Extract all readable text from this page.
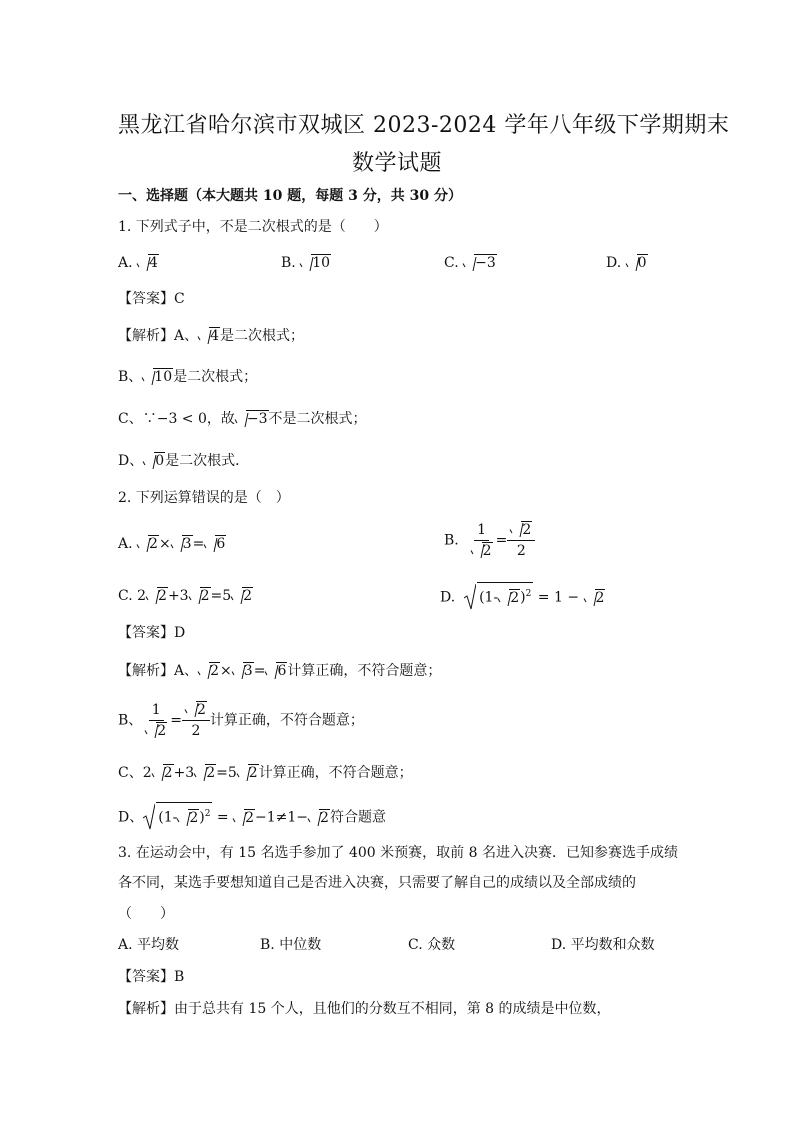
黑龙江省哈尔滨市双城区 2023-2024 学年八年级下学期期末
数学试题
一、选择题（本大题共 10 题，每题 3 分，共 30 分）
1. 下列式子中，不是二次根式的是（　　）
A. 4	B. 10	C. −3	D. 0
【答案】C
【解析】A、 4是二次根式；
B、 10是二次根式；
C、∵−3 < 0，故 −3不是二次根式；
D、 0是二次根式．
2. 下列运算错误的是（　）
A. 2× 3= 6	B. $\frac{1}{2} = \frac{2}{2}$
C. 2 2+3 2=5 2	D. (1- 2)$^2$ = 1 − 2
【答案】D
【解析】A、 2× 3= 6计算正确，不符合题意；
B、 $\frac{1}{2} = \frac{2}{2}$ 计算正确，不符合题意；
C、2 2+3 2=5 2计算正确，不符合题意；
D、 (1- 2)$^2$ = 2−1≠1− 2符合题意
3. 在运动会中，有 15 名选手参加了 400 米预赛，取前 8 名进入决赛．已知参赛选手成绩
各不同，某选手要想知道自己是否进入决赛，只需要了解自己的成绩以及全部成绩的
（　　）
A. 平均数	B. 中位数	C. 众数	D. 平均数和众数
【答案】B
【解析】由于总共有 15 个人，且他们的分数互不相同，第 8 的成绩是中位数，
